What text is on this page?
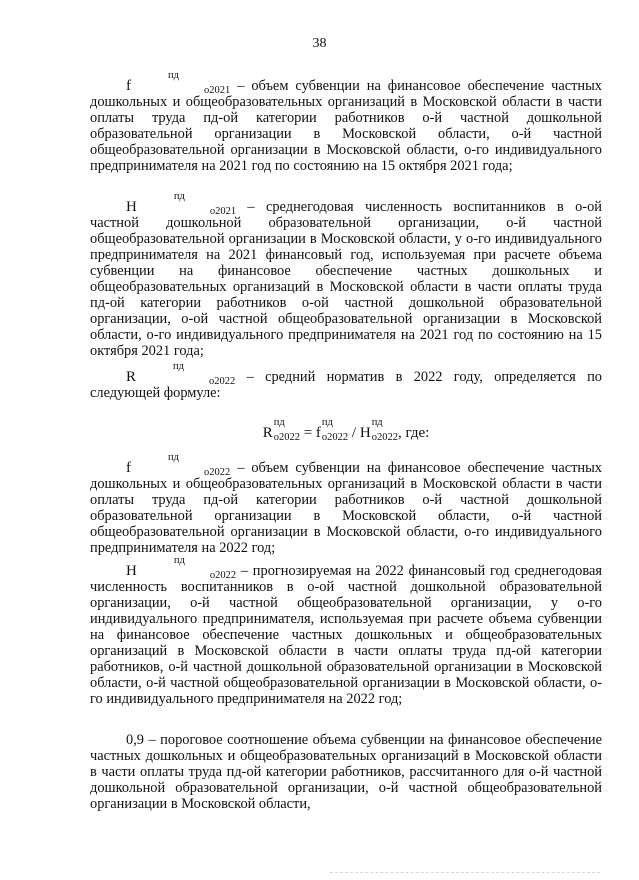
38
f
пд
o2021 – объем субвенции на финансовое обеспечение частных дошкольных и общеобразовательных организаций в Московской области в части оплаты труда пд-ой категории работников о-й частной дошкольной образовательной организации в Московской области, о-й частной общеобразовательной организации в Московской области, о-го индивидуального предпринимателя на 2021 год по состоянию на 15 октября 2021 года;
H
пд
o2021 – среднегодовая численность воспитанников в о-ой частной дошкольной образовательной организации, о-й частной общеобразовательной организации в Московской области, у о-го индивидуального предпринимателя на 2021 финансовый год, используемая при расчете объема субвенции на финансовое обеспечение частных дошкольных и общеобразовательных организаций в Московской области в части оплаты труда пд-ой категории работников о-ой частной дошкольной образовательной организации, о-ой частной общеобразовательной организации в Московской области, о-го индивидуального предпринимателя на 2021 год по состоянию на 15 октября 2021 года;
R
пд
o2022 – средний норматив в 2022 году, определяется по следующей формуле:
R
пд
o2022 = f
пд
o2022 / H
пд
o2022, где:
f
пд
o2022 – объем субвенции на финансовое обеспечение частных дошкольных и общеобразовательных организаций в Московской области в части оплаты труда пд-ой категории работников о-й частной дошкольной образовательной организации в Московской области, о-й частной общеобразовательной организации в Московской области, о-го индивидуального предпринимателя на 2022 год;
H
пд
o2022 – прогнозируемая на 2022 финансовый год среднегодовая численность воспитанников в о-ой частной дошкольной образовательной организации, о-й частной общеобразовательной организации, у о-го индивидуального предпринимателя, используемая при расчете объема субвенции на финансовое обеспечение частных дошкольных и общеобразовательных организаций в Московской области в части оплаты труда пд-ой категории работников, о-й частной дошкольной образовательной организации в Московской области, о-й частной общеобразовательной организации в Московской области, о-го индивидуального предпринимателя на 2022 год;
0,9 – пороговое соотношение объема субвенции на финансовое обеспечение частных дошкольных и общеобразовательных организаций в Московской области в части оплаты труда пд-ой категории работников, рассчитанного для о-й частной дошкольной образовательной организации, о-й частной общеобразовательной организации в Московской области,
